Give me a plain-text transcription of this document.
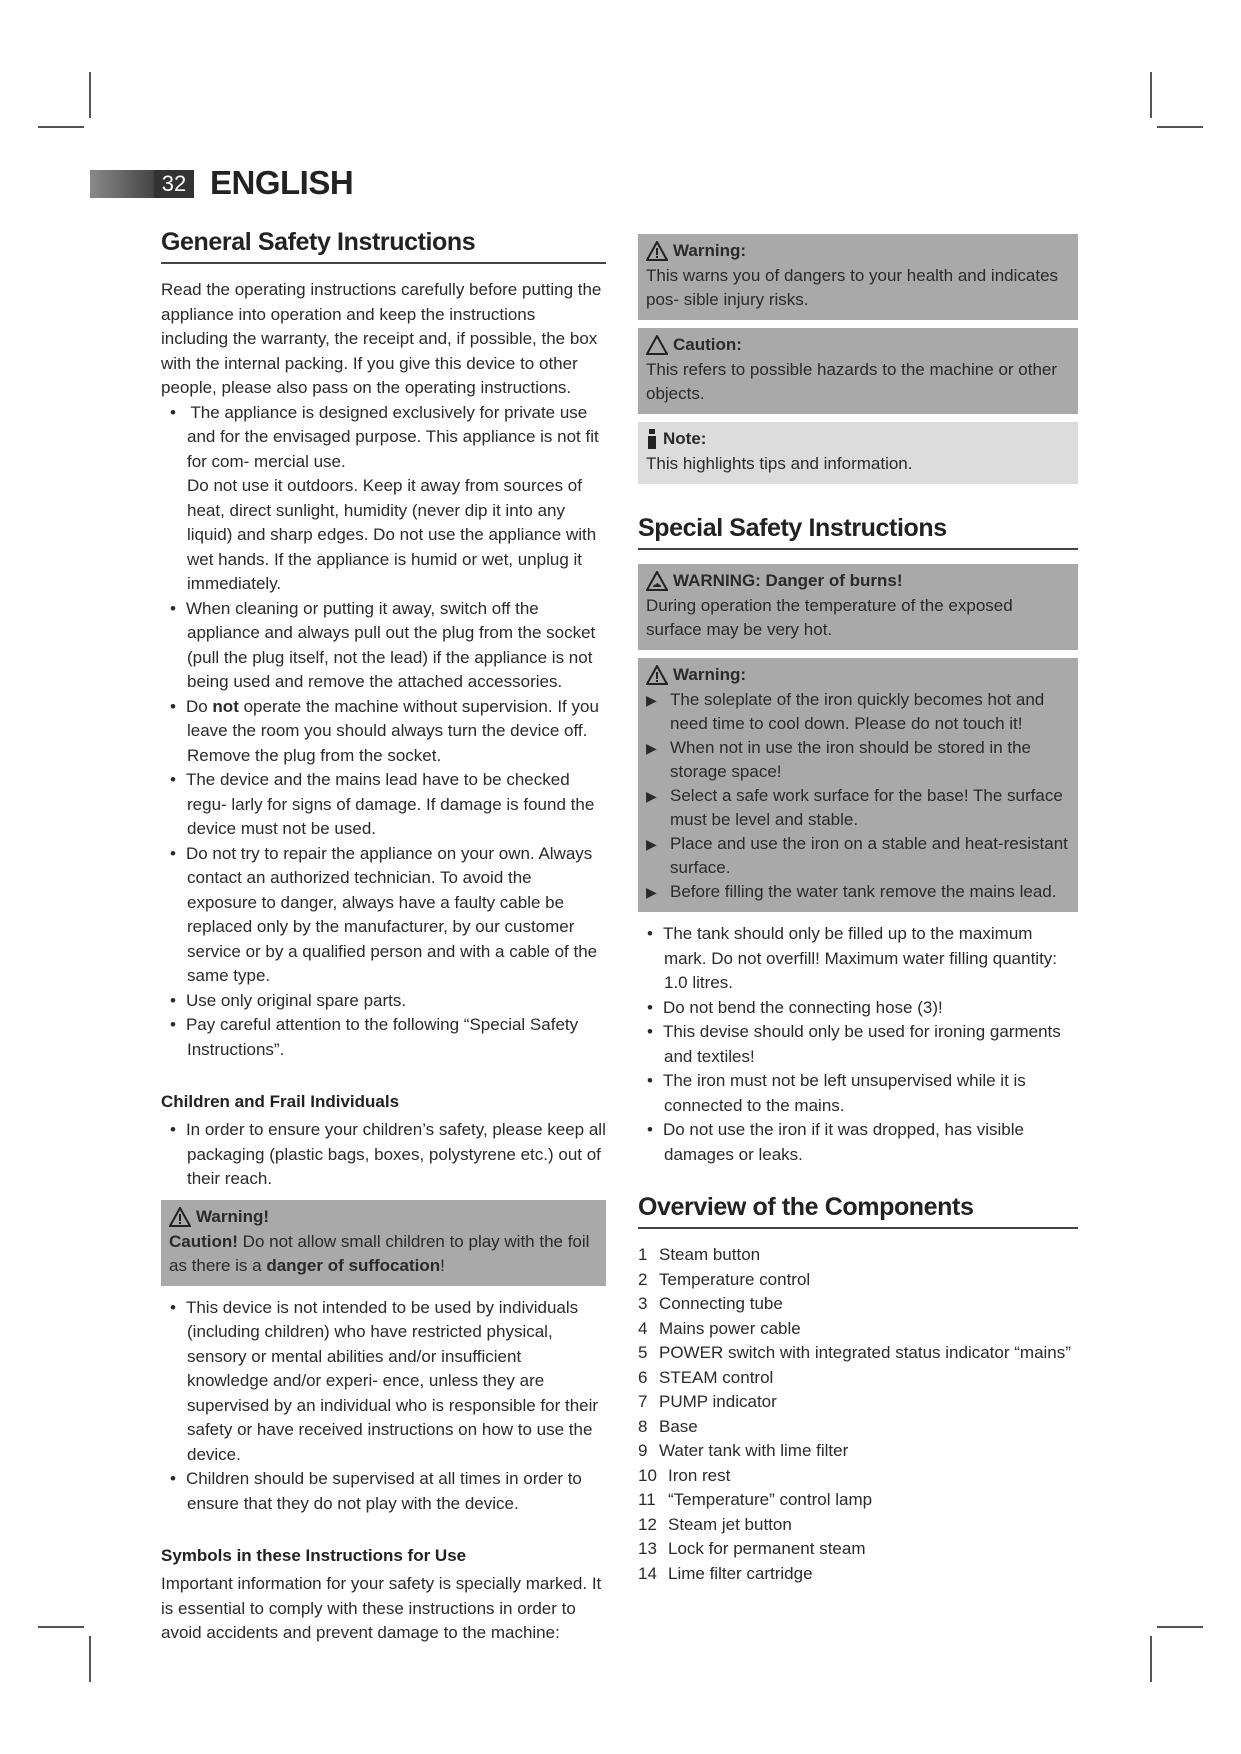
32 ENGLISH
General Safety Instructions

Read the operating instructions carefully before putting the appliance into operation and keep the instructions including the warranty, the receipt and, if possible, the box with the internal packing. If you give this device to other people, please also pass on the operating instructions.

• The appliance is designed exclusively for private use and for the envisaged purpose. This appliance is not fit for com- mercial use.
Do not use it outdoors. Keep it away from sources of heat, direct sunlight, humidity (never dip it into any liquid) and sharp edges. Do not use the appliance with wet hands. If the appliance is humid or wet, unplug it immediately.
• When cleaning or putting it away, switch off the appliance and always pull out the plug from the socket (pull the plug itself, not the lead) if the appliance is not being used and remove the attached accessories.
• Do not operate the machine without supervision. If you leave the room you should always turn the device off. Remove the plug from the socket.
• The device and the mains lead have to be checked regu- larly for signs of damage. If damage is found the device must not be used.
• Do not try to repair the appliance on your own. Always contact an authorized technician. To avoid the exposure to danger, always have a faulty cable be replaced only by the manufacturer, by our customer service or by a qualified person and with a cable of the same type.
• Use only original spare parts.
• Pay careful attention to the following “Special Safety Instructions”.
Children and Frail Individuals
• In order to ensure your children’s safety, please keep all packaging (plastic bags, boxes, polystyrene etc.) out of their reach.
Warning!

Caution! Do not allow small children to play with the foil as there is a danger of suffocation!

• This device is not intended to be used by individuals (including children) who have restricted physical, sensory or mental abilities and/or insufficient knowledge and/or experi- ence, unless they are supervised by an individual who is responsible for their safety or have received instructions on how to use the device.
• Children should be supervised at all times in order to ensure that they do not play with the device.
Symbols in these Instructions for Use

Important information for your safety is specially marked. It is essential to comply with these instructions in order to avoid accidents and prevent damage to the machine:

Warning:

This warns you of dangers to your health and indicates pos- sible injury risks.

Caution:

This refers to possible hazards to the machine or other objects.

Note:

This highlights tips and information.

Special Safety Instructions
WARNING: Danger of burns!

During operation the temperature of the exposed surface may be very hot.

Warning:
▶ The soleplate of the iron quickly becomes hot and need time to cool down. Please do not touch it!
▶ When not in use the iron should be stored in the storage space!
▶ Select a safe work surface for the base! The surface must be level and stable.
▶ Place and use the iron on a stable and heat-resistant surface.
▶ Before filling the water tank remove the mains lead.
• The tank should only be filled up to the maximum mark. Do not overfill! Maximum water filling quantity: 1.0 litres.
• Do not bend the connecting hose (3)!
• This devise should only be used for ironing garments and textiles!
• The iron must not be left unsupervised while it is connected to the mains.
• Do not use the iron if it was dropped, has visible damages or leaks.
Overview of the Components
1 Steam button
2 Temperature control
3 Connecting tube
4 Mains power cable
5 POWER switch with integrated status indicator “mains”
6 STEAM control
7 PUMP indicator
8 Base
9 Water tank with lime filter
10 Iron rest
11 “Temperature” control lamp
12 Steam jet button
13 Lock for permanent steam
14 Lime filter cartridge
